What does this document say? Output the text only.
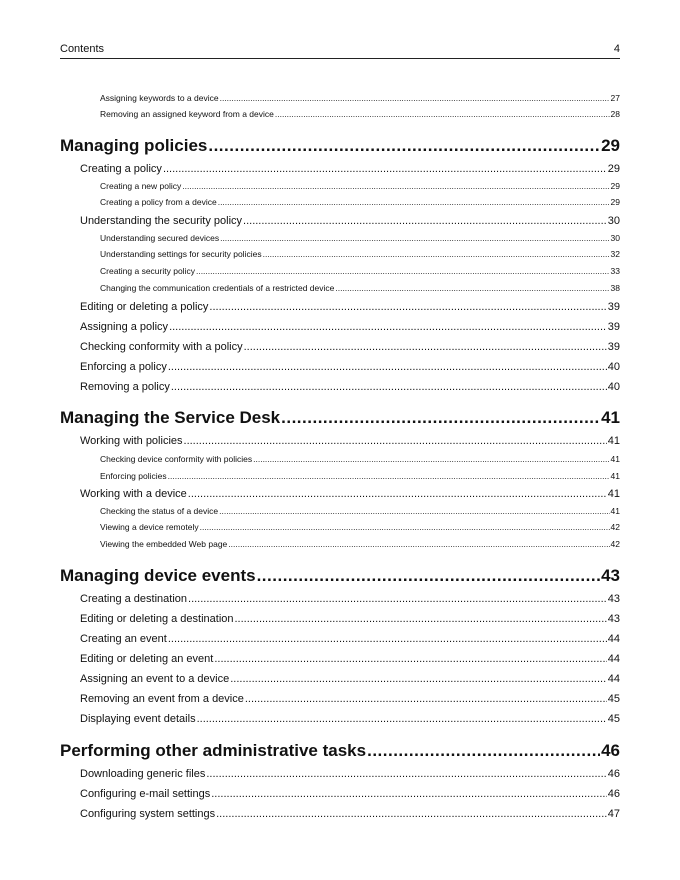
Contents	4
Assigning keywords to a device .....	27
Removing an assigned keyword from a device .....	28
Managing policies .....	29
Creating a policy .....	29
Creating a new policy .....	29
Creating a policy from a device .....	29
Understanding the security policy .....	30
Understanding secured devices .....	30
Understanding settings for security policies .....	32
Creating a security policy .....	33
Changing the communication credentials of a restricted device .....	38
Editing or deleting a policy .....	39
Assigning a policy .....	39
Checking conformity with a policy .....	39
Enforcing a policy .....	40
Removing a policy .....	40
Managing the Service Desk .....	41
Working with policies .....	41
Checking device conformity with policies .....	41
Enforcing policies .....	41
Working with a device .....	41
Checking the status of a device .....	41
Viewing a device remotely .....	42
Viewing the embedded Web page .....	42
Managing device events .....	43
Creating a destination .....	43
Editing or deleting a destination .....	43
Creating an event .....	44
Editing or deleting an event .....	44
Assigning an event to a device .....	44
Removing an event from a device .....	45
Displaying event details .....	45
Performing other administrative tasks .....	46
Downloading generic files .....	46
Configuring e-mail settings .....	46
Configuring system settings .....	47
